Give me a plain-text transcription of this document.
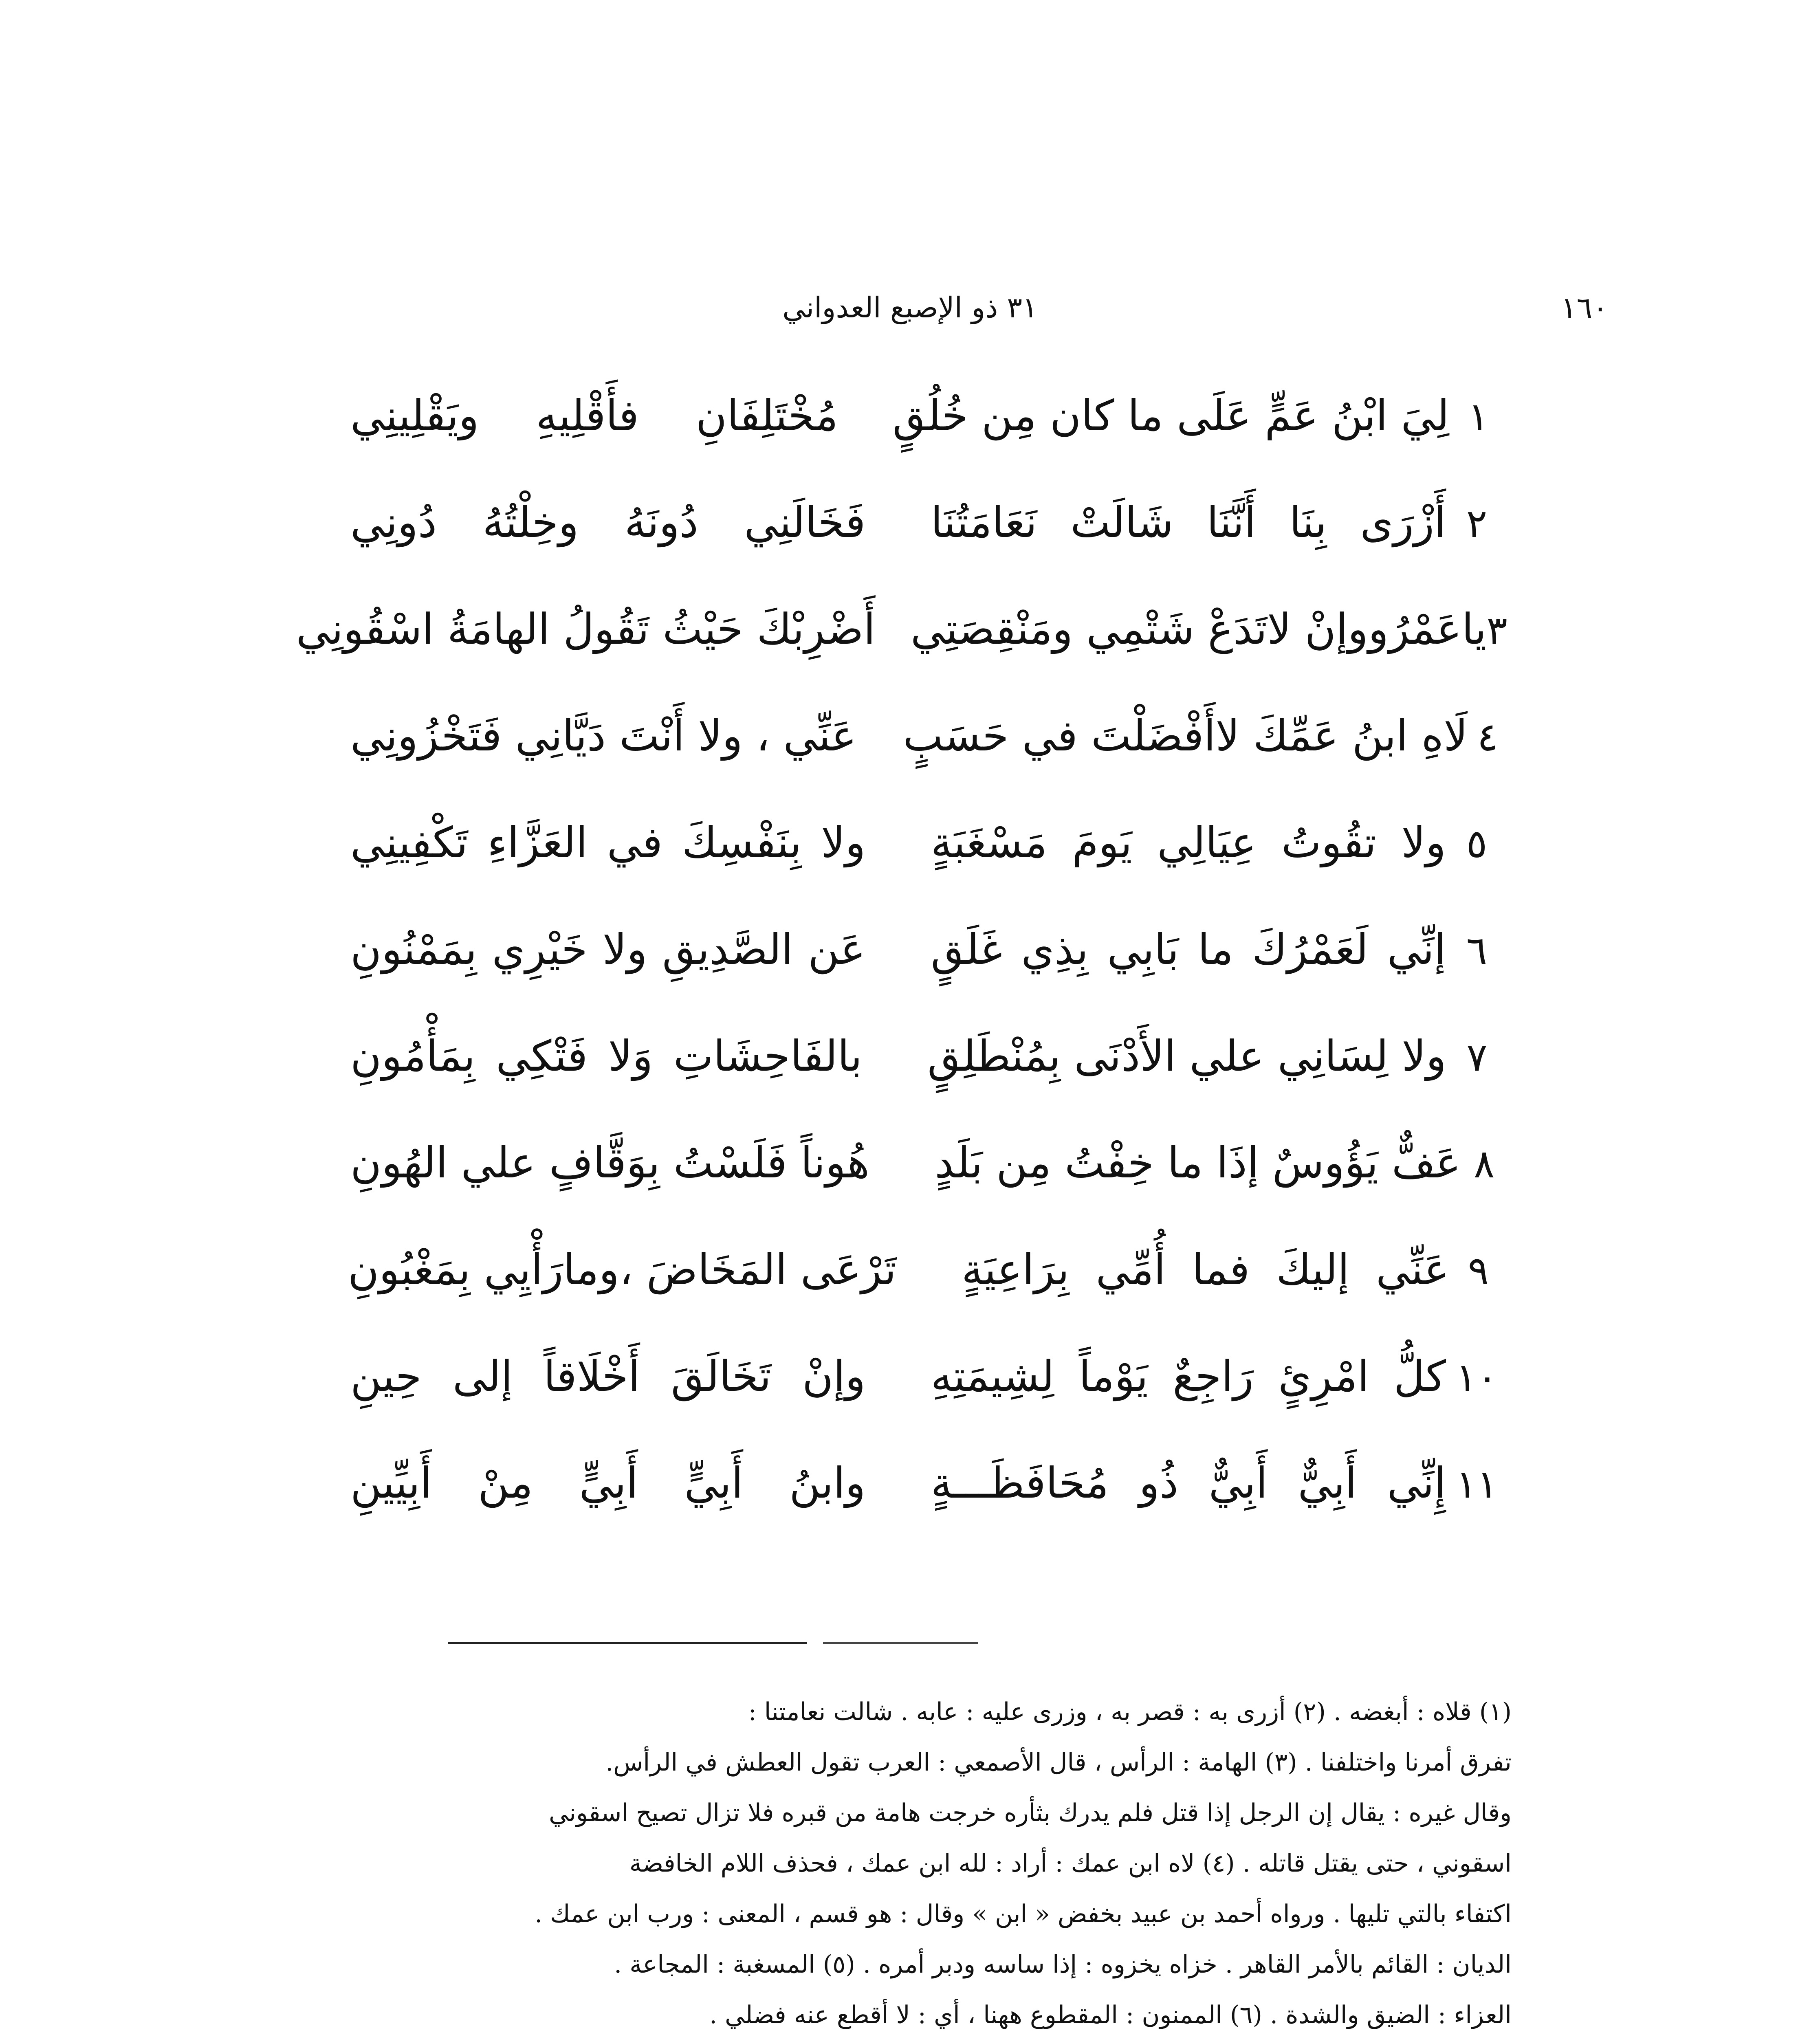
١٦٠
٣١ ذو الإصبع العدواني
١
لِيَ ابْنُ عَمٍّ عَلَى ما كان مِن خُلُقٍ
مُخْتَلِفَانِ فأَقْلِيهِ ويَقْلِينِي
٢
أَزْرَى بِنَا أَنَّنَا شَالَتْ نَعَامَتُنَا
فَخَالَنِي دُونَهُ وخِلْتُهُ دُونِي
٣
ياعَمْرُووإنْ لاتَدَعْ شَتْمِي ومَنْقِصَتِي
أَضْرِبْكَ حَيْثُ تَقُولُ الهامَةُ اسْقُونِي
٤
لَاهِ ابنُ عَمِّكَ لاأَفْضَلْتَ في حَسَبٍ
عَنِّي ، ولا أَنْتَ دَيَّانِي فَتَخْزُونِي
٥
ولا تقُوتُ عِيَالِي يَومَ مَسْغَبَةٍ
ولا بِنَفْسِكَ في العَزَّاءِ تَكْفِينِي
٦
إنِّي لَعَمْرُكَ ما بَابِي بِذِي غَلَقٍ
عَن الصَّدِيقِ ولا خَيْرِي بِمَمْنُونِ
٧
ولا لِسَانِي علي الأَدْنَى بِمُنْطَلِقٍ
بالفَاحِشَاتِ وَلا فَتْكِي بِمَأْمُونِ
٨
عَفٌّ يَؤُوسٌ إذَا ما خِفْتُ مِن بَلَدٍ
هُوناً فَلَسْتُ بِوَقَّافٍ علي الهُونِ
٩
عَنِّي إليكَ فما أُمِّي بِرَاعِيَةٍ
تَرْعَى المَخَاضَ ،ومارَأْيِي بِمَغْبُونِ
١٠
كلُّ امْرِئٍ رَاجِعٌ يَوْماً لِشِيمَتِهِ
وإنْ تَخَالَقَ أَخْلَاقاً إلى حِينِ
١١
إِنِّي أَبِيٌّ أَبِيٌّ ذُو مُحَافَظَـــةٍ
وابنُ أَبِيٍّ أَبِيٍّ مِنْ أَبِيِّينِ
(١) قلاه : أبغضه . (٢) أزرى به : قصر به ، وزرى عليه : عابه . شالت نعامتنا :
تفرق أمرنا واختلفنا . (٣) الهامة : الرأس ، قال الأصمعي : العرب تقول العطش في الرأس.
وقال غيره : يقال إن الرجل إذا قتل فلم يدرك بثأره خرجت هامة من قبره فلا تزال تصيح اسقوني
اسقوني ، حتى يقتل قاتله . (٤) لاه ابن عمك : أراد : لله ابن عمك ، فحذف اللام الخافضة
اكتفاء بالتي تليها . ورواه أحمد بن عبيد بخفض « ابن » وقال : هو قسم ، المعنى : ورب ابن عمك .
الديان : القائم بالأمر القاهر . خزاه يخزوه : إذا ساسه ودبر أمره . (٥) المسغبة : المجاعة .
العزاء : الضيق والشدة . (٦) الممنون : المقطوع ههنا ، أي : لا أقطع عنه فضلي .
